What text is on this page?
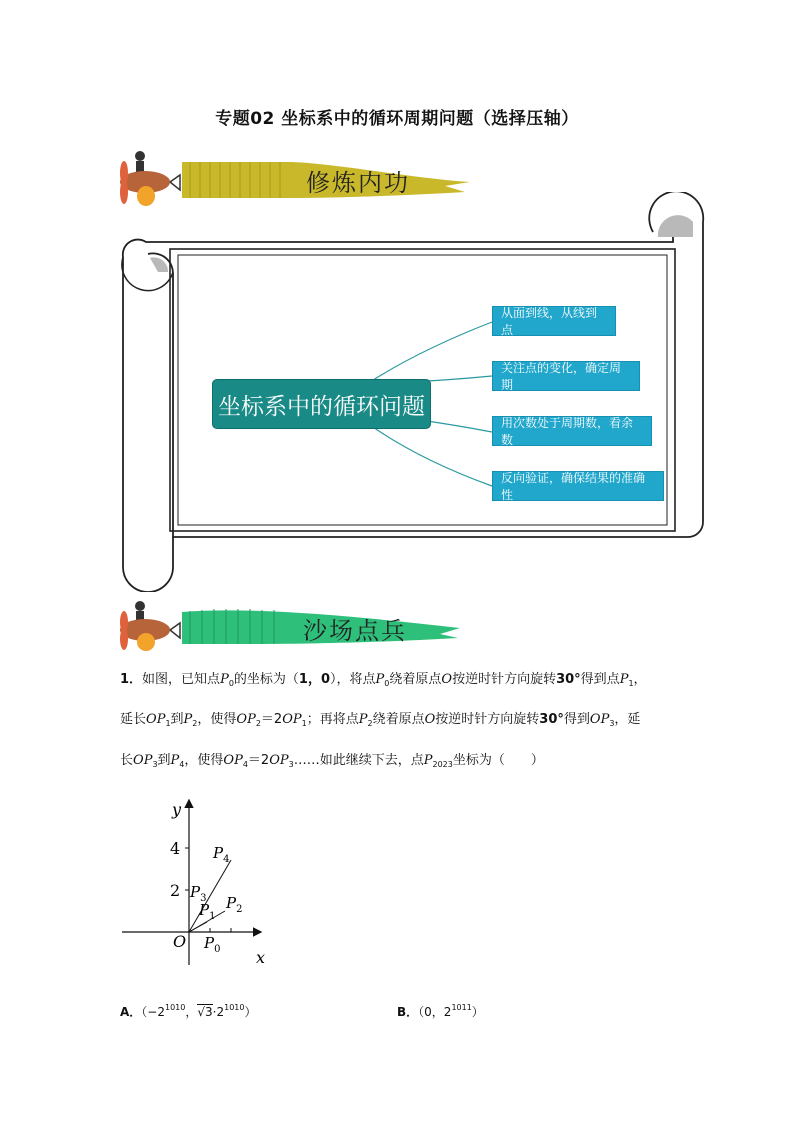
专题02 坐标系中的循环周期问题（选择压轴）
修炼内功
坐标系中的循环问题
从面到线，从线到点
关注点的变化，确定周期
用次数处于周期数，看余数
反向验证，确保结果的准确性
沙场点兵
1．如图，已知点$P_0$的坐标为（1，0），将点$P_0$绕着原点O按逆时针方向旋转30°得到点$P_1$，
延长$OP_1$到$P_2$，使得$OP_2=2OP_1$；再将点$P_2$绕着原点O按逆时针方向旋转30°得到$OP_3$，延
长$OP_3$到$P_4$，使得$OP_4=2OP_3\dots\dots$如此继续下去，点$P_{2023}$坐标为（　　）
y
x
O
4
2
$P_4$
$P_3$ $P_2$
$P_1$
$P_0$
A．（$-2^{1010}$，$√3\cdot 2^{1010}$）	B．（0，$2^{1011}$）
